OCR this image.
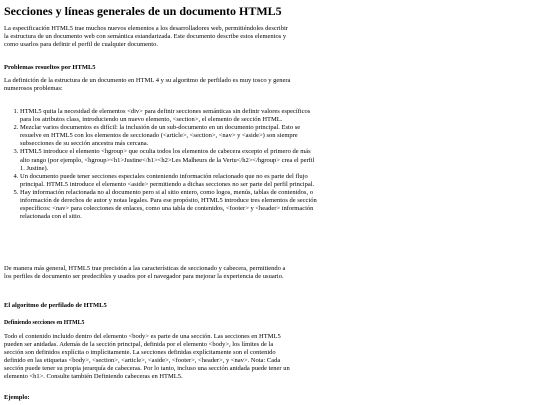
Secciones y líneas generales de un documento HTML5
La especificación HTML5 trae muchos nuevos elementos a los desarrolladores web, permitiéndoles describir la estructura de un documento web con semántica estandarizada. Este documento describe estos elementos y como usarlos para definir el perfil de cualquier documento.
Problemas resueltos por HTML5
La definición de la estructura de un documento en HTML 4 y su algoritmo de perfilado es muy tosco y genera numerosos problemas:
1. HTML5 quita la necesidad de elementos <div> para definir secciones semánticas sin definir valores específicos para los atributos class, introduciendo un nuevo elemento, <section>, el elemento de sección HTML.
2. Mezclar varios documentos es difícil: la inclusión de un sub-documento en un documento principal. Esto se resuelve en HTML5 con los elementos de seccionado (<article>, <section>, <nav> y <aside>) son siempre subsecciones de su sección ancestra más cercana.
3. HTML5 introduce el elemento <hgroup> que oculta todos los elementos de cabecera excepto el primero de más alto rango (por ejemplo, <hgroup><h1>Justine</h1><h2>Les Malheurs de la Vertu</h2></hgroup> crea el perfil 1. Justine).
4. Un documento puede tener secciones especiales conteniendo información relacionado que no es parte del flujo principal. HTML5 introduce el elemento <aside> permitiendo a dichas secciones no ser parte del perfil principal.
5. Hay información relacionada no al documento pero si al sitio entero, como logos, menús, tablas de contenidos, o información de derechos de autor y notas legales. Para ese propósito, HTML5 introduce tres elementos de sección específicos: <nav> para colecciones de enlaces, como una tabla de contenidos, <footer> y <header> información relacionada con el sitio.
De manera más general, HTML5 trae precisión a las características de seccionado y cabecera, permitiendo a los perfiles de documento ser predecibles y usados por el navegador para mejorar la experiencia de usuario.
El algoritmo de perfilado de HTML5
Definiendo secciones en HTML5
Todo el contenido incluido dentro del elemento <body> es parte de una sección. Las secciones en HTML5 pueden ser anidadas. Además de la sección principal, definida por el elemento <body>, los límites de la sección son definidos explícita o implícitamente. La secciones definidas explícitamente son el contenido definido en las etiquetas <body>, <section>, <article>, <aside>, <footer>, <header>, y <nav>. Nota: Cada sección puede tener su propia jerarquía de cabeceras. Por lo tanto, incluso una sección anidada puede tener un elemento <h1>. Consulte también Definiendo cabeceras en HTML5.
Ejemplo:
